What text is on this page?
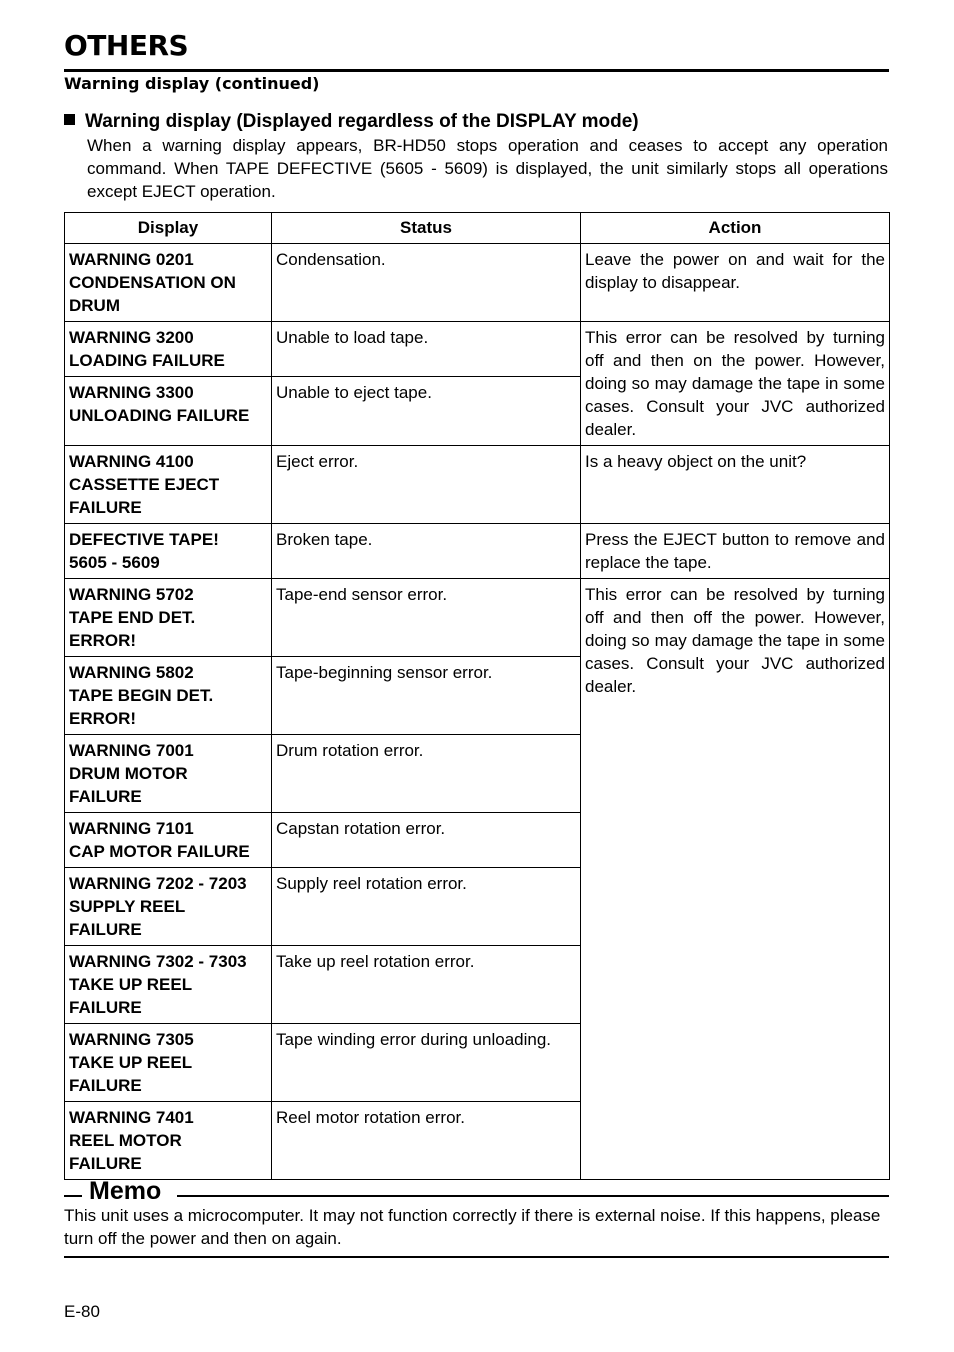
OTHERS
Warning display (continued)
Warning display (Displayed regardless of the DISPLAY mode)

When a warning display appears, BR-HD50 stops operation and ceases to accept any operation command. When TAPE DEFECTIVE (5605 - 5609) is displayed, the unit similarly stops all operations except EJECT operation.

Display	Status	Action

WARNING 0201
CONDENSATION ON
DRUM	Condensation.	Leave the power on and wait for the display to disappear.

WARNING 3200
LOADING FAILURE	Unable to load tape.	This error can be resolved by turning off and then on the power. However, doing so may damage the tape in some cases. Consult your JVC authorized dealer.

WARNING 3300
UNLOADING FAILURE	Unable to eject tape.	

WARNING 4100
CASSETTE EJECT
FAILURE	Eject error.	Is a heavy object on the unit?

DEFECTIVE TAPE!
5605 - 5609	Broken tape.	Press the EJECT button to remove and replace the tape.

WARNING 5702
TAPE END DET.
ERROR!	Tape-end sensor error.	This error can be resolved by turning off and then off the power. However, doing so may damage the tape in some cases. Consult your JVC authorized dealer.

WARNING 5802
TAPE BEGIN DET.
ERROR!	Tape-beginning sensor error.	

WARNING 7001
DRUM MOTOR
FAILURE	Drum rotation error.	

WARNING 7101
CAP MOTOR FAILURE	Capstan rotation error.	

WARNING 7202 - 7203
SUPPLY REEL
FAILURE	Supply reel rotation error.	

WARNING 7302 - 7303
TAKE UP REEL
FAILURE	Take up reel rotation error.	

WARNING 7305
TAKE UP REEL
FAILURE	Tape winding error during unloading.	

WARNING 7401
REEL MOTOR
FAILURE	Reel motor rotation error.	
Memo

This unit uses a microcomputer. It may not function correctly if there is external noise. If this happens, please turn off the power and then on again.

E-80
